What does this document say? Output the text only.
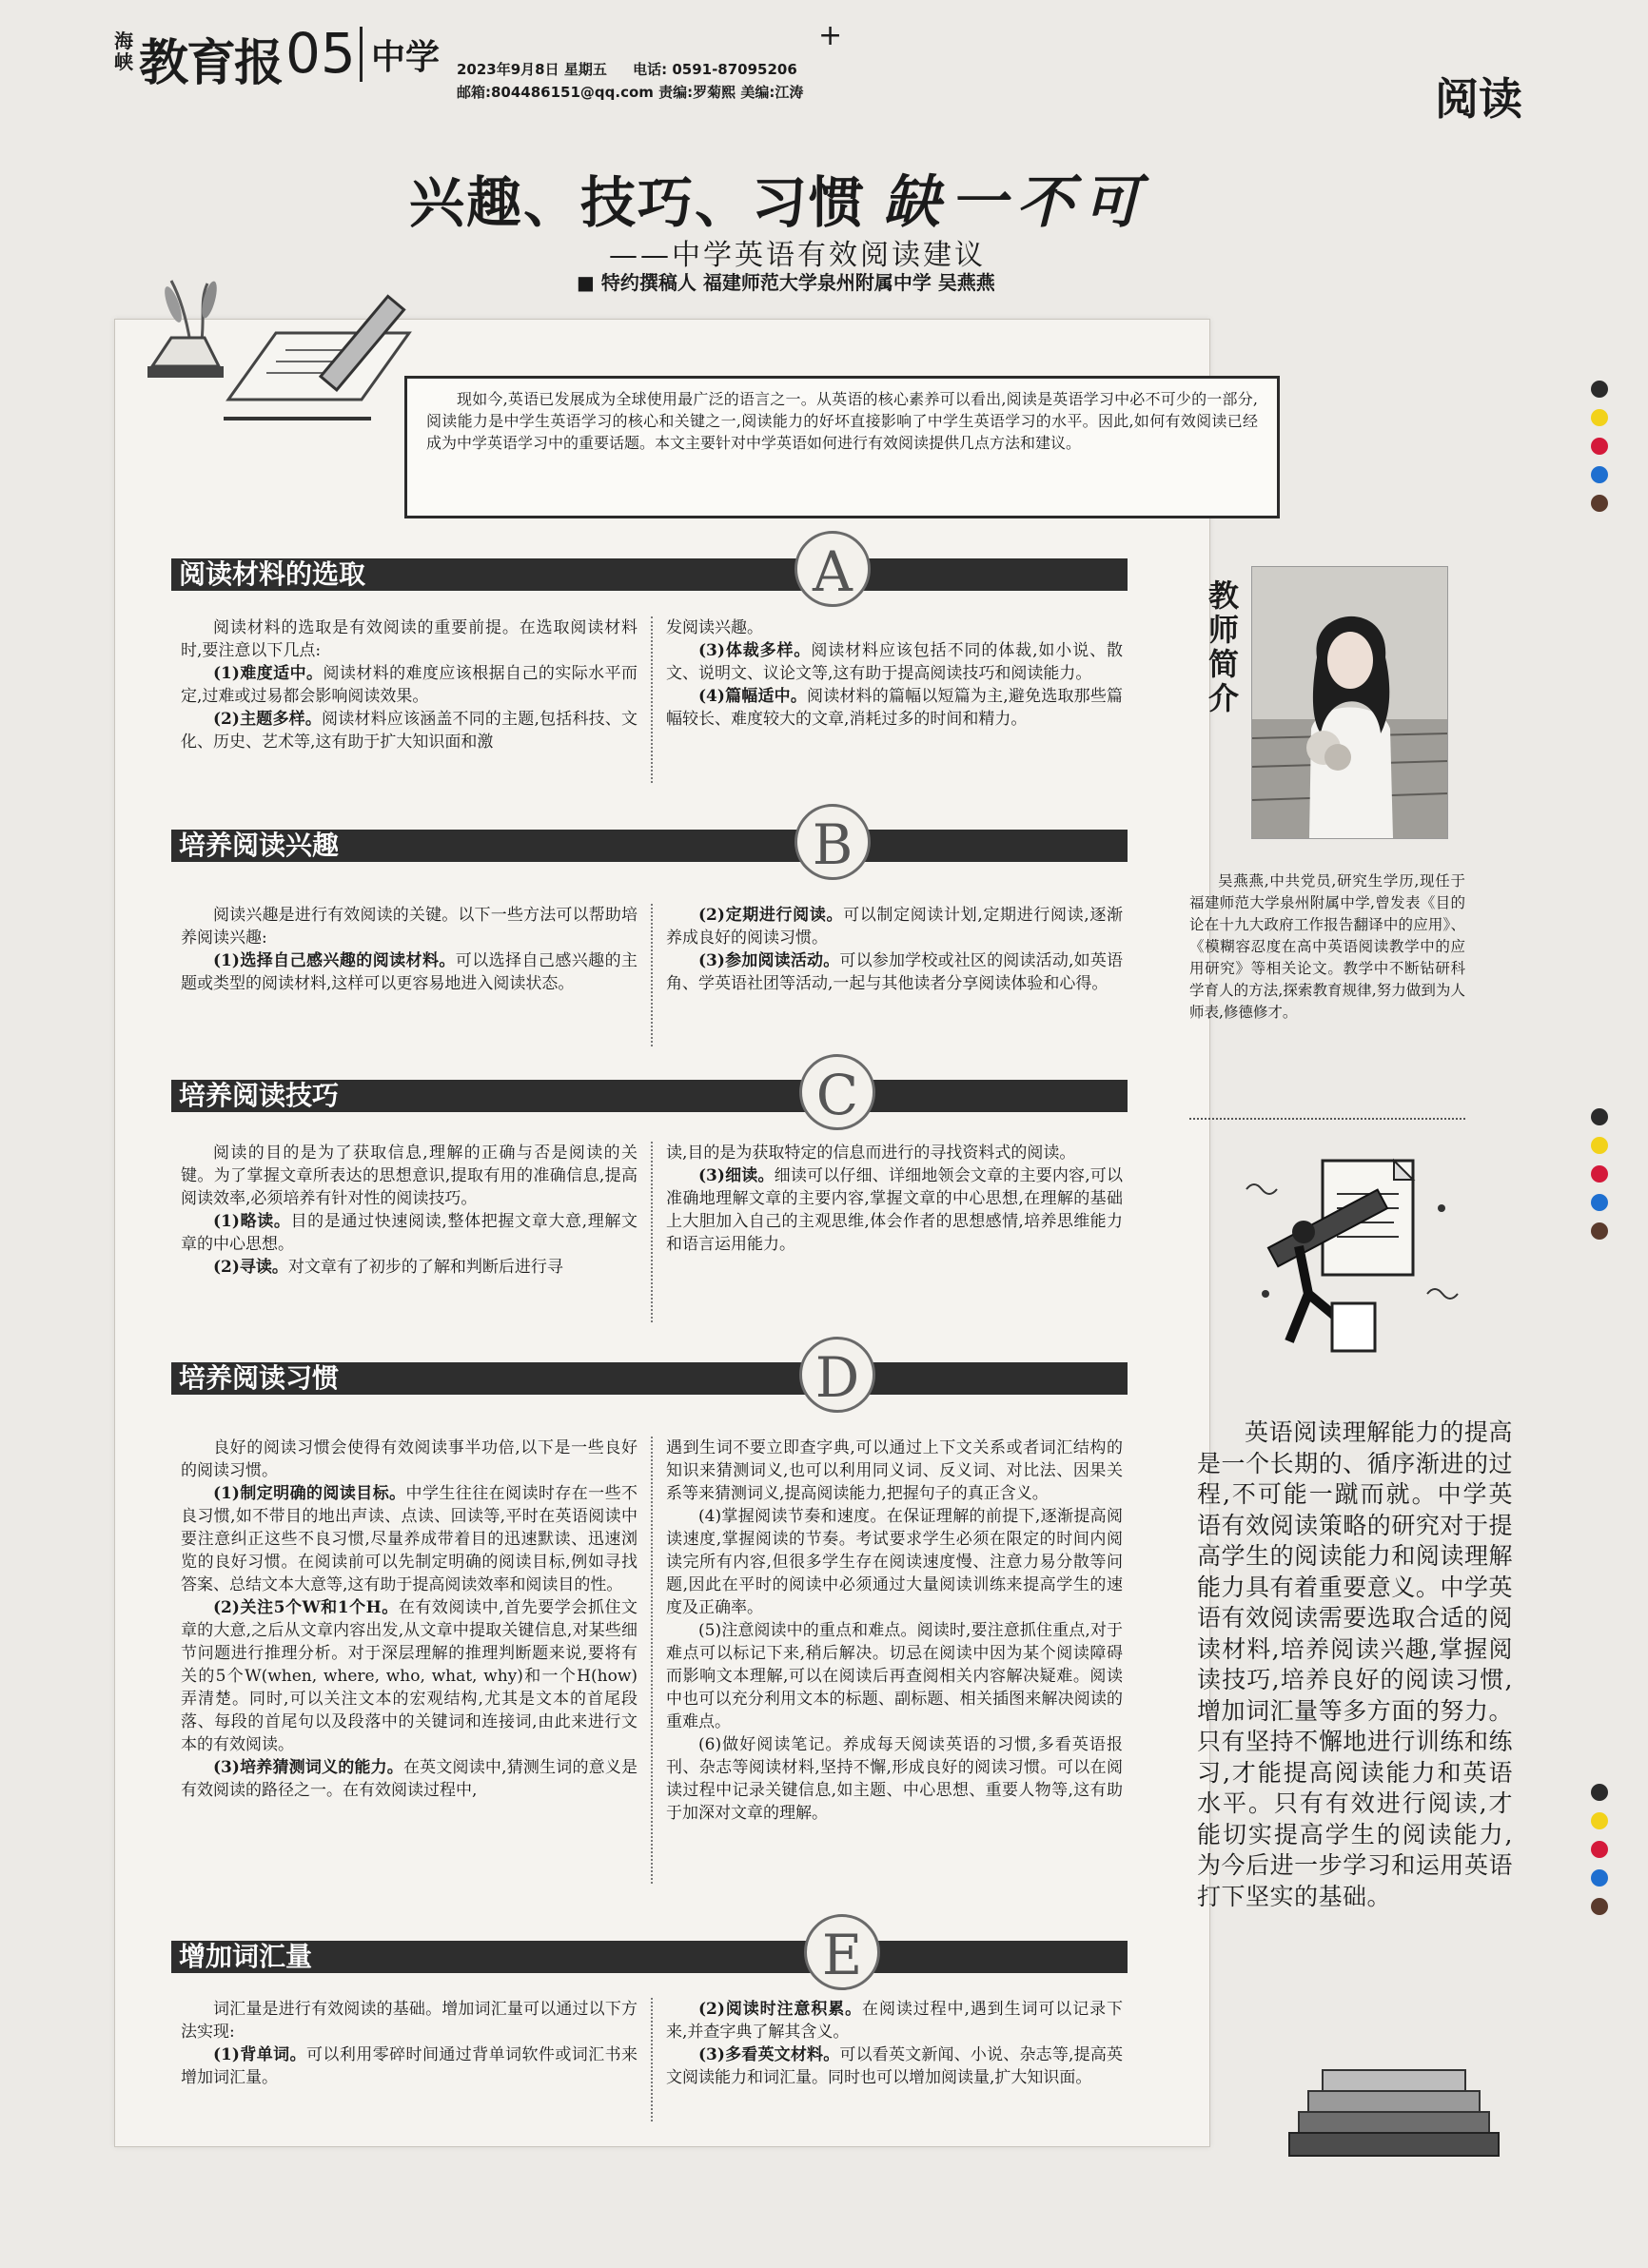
海峡 教育报 05 中学 2023年9月8日 星期五 电话: 0591-87095206
邮箱:804486151@qq.com 责编:罗菊熙 美编:江涛	阅读
+
兴趣、技巧、习惯 缺一不可
——中学英语有效阅读建议
■ 特约撰稿人 福建师范大学泉州附属中学 吴燕燕
现如今,英语已发展成为全球使用最广泛的语言之一。从英语的核心素养可以看出,阅读是英语学习中必不可少的一部分,阅读能力是中学生英语学习的核心和关键之一,阅读能力的好坏直接影响了中学生英语学习的水平。因此,如何有效阅读已经成为中学英语学习中的重要话题。本文主要针对中学英语如何进行有效阅读提供几点方法和建议。
阅读材料的选取	A

阅读材料的选取是有效阅读的重要前提。在选取阅读材料时,要注意以下几点:

(1)难度适中。阅读材料的难度应该根据自己的实际水平而定,过难或过易都会影响阅读效果。

(2)主题多样。阅读材料应该涵盖不同的主题,包括科技、文化、历史、艺术等,这有助于扩大知识面和激

发阅读兴趣。

(3)体裁多样。阅读材料应该包括不同的体裁,如小说、散文、说明文、议论文等,这有助于提高阅读技巧和阅读能力。

(4)篇幅适中。阅读材料的篇幅以短篇为主,避免选取那些篇幅较长、难度较大的文章,消耗过多的时间和精力。

培养阅读兴趣	B

阅读兴趣是进行有效阅读的关键。以下一些方法可以帮助培养阅读兴趣:

(1)选择自己感兴趣的阅读材料。可以选择自己感兴趣的主题或类型的阅读材料,这样可以更容易地进入阅读状态。

(2)定期进行阅读。可以制定阅读计划,定期进行阅读,逐渐养成良好的阅读习惯。

(3)参加阅读活动。可以参加学校或社区的阅读活动,如英语角、学英语社团等活动,一起与其他读者分享阅读体验和心得。

培养阅读技巧	C

阅读的目的是为了获取信息,理解的正确与否是阅读的关键。为了掌握文章所表达的思想意识,提取有用的准确信息,提高阅读效率,必须培养有针对性的阅读技巧。

(1)略读。目的是通过快速阅读,整体把握文章大意,理解文章的中心思想。

(2)寻读。对文章有了初步的了解和判断后进行寻

读,目的是为获取特定的信息而进行的寻找资料式的阅读。

(3)细读。细读可以仔细、详细地领会文章的主要内容,可以准确地理解文章的主要内容,掌握文章的中心思想,在理解的基础上大胆加入自己的主观思维,体会作者的思想感情,培养思维能力和语言运用能力。

培养阅读习惯	D

良好的阅读习惯会使得有效阅读事半功倍,以下是一些良好的阅读习惯。

(1)制定明确的阅读目标。中学生往往在阅读时存在一些不良习惯,如不带目的地出声读、点读、回读等,平时在英语阅读中要注意纠正这些不良习惯,尽量养成带着目的迅速默读、迅速浏览的良好习惯。在阅读前可以先制定明确的阅读目标,例如寻找答案、总结文本大意等,这有助于提高阅读效率和阅读目的性。

(2)关注5个W和1个H。在有效阅读中,首先要学会抓住文章的大意,之后从文章内容出发,从文章中提取关键信息,对某些细节问题进行推理分析。对于深层理解的推理判断题来说,要将有关的5个W(when, where, who, what, why)和一个H(how)弄清楚。同时,可以关注文本的宏观结构,尤其是文本的首尾段落、每段的首尾句以及段落中的关键词和连接词,由此来进行文本的有效阅读。

(3)培养猜测词义的能力。在英文阅读中,猜测生词的意义是有效阅读的路径之一。在有效阅读过程中,

遇到生词不要立即查字典,可以通过上下文关系或者词汇结构的知识来猜测词义,也可以利用同义词、反义词、对比法、因果关系等来猜测词义,提高阅读能力,把握句子的真正含义。

(4)掌握阅读节奏和速度。在保证理解的前提下,逐渐提高阅读速度,掌握阅读的节奏。考试要求学生必须在限定的时间内阅读完所有内容,但很多学生存在阅读速度慢、注意力易分散等问题,因此在平时的阅读中必须通过大量阅读训练来提高学生的速度及正确率。

(5)注意阅读中的重点和难点。阅读时,要注意抓住重点,对于难点可以标记下来,稍后解决。切忌在阅读中因为某个阅读障碍而影响文本理解,可以在阅读后再查阅相关内容解决疑难。阅读中也可以充分利用文本的标题、副标题、相关插图来解决阅读的重难点。

(6)做好阅读笔记。养成每天阅读英语的习惯,多看英语报刊、杂志等阅读材料,坚持不懈,形成良好的阅读习惯。可以在阅读过程中记录关键信息,如主题、中心思想、重要人物等,这有助于加深对文章的理解。

增加词汇量	E

词汇量是进行有效阅读的基础。增加词汇量可以通过以下方法实现:

(1)背单词。可以利用零碎时间通过背单词软件或词汇书来增加词汇量。

(2)阅读时注意积累。在阅读过程中,遇到生词可以记录下来,并查字典了解其含义。

(3)多看英文材料。可以看英文新闻、小说、杂志等,提高英文阅读能力和词汇量。同时也可以增加阅读量,扩大知识面。

教师简介
吴燕燕,中共党员,研究生学历,现任于福建师范大学泉州附属中学,曾发表《目的论在十九大政府工作报告翻译中的应用》、《模糊容忍度在高中英语阅读教学中的应用研究》等相关论文。教学中不断钻研科学育人的方法,探索教育规律,努力做到为人师表,修德修才。
英语阅读理解能力的提高是一个长期的、循序渐进的过程,不可能一蹴而就。中学英语有效阅读策略的研究对于提高学生的阅读能力和阅读理解能力具有着重要意义。中学英语有效阅读需要选取合适的阅读材料,培养阅读兴趣,掌握阅读技巧,培养良好的阅读习惯,增加词汇量等多方面的努力。只有坚持不懈地进行训练和练习,才能提高阅读能力和英语水平。只有有效进行阅读,才能切实提高学生的阅读能力,为今后进一步学习和运用英语打下坚实的基础。
